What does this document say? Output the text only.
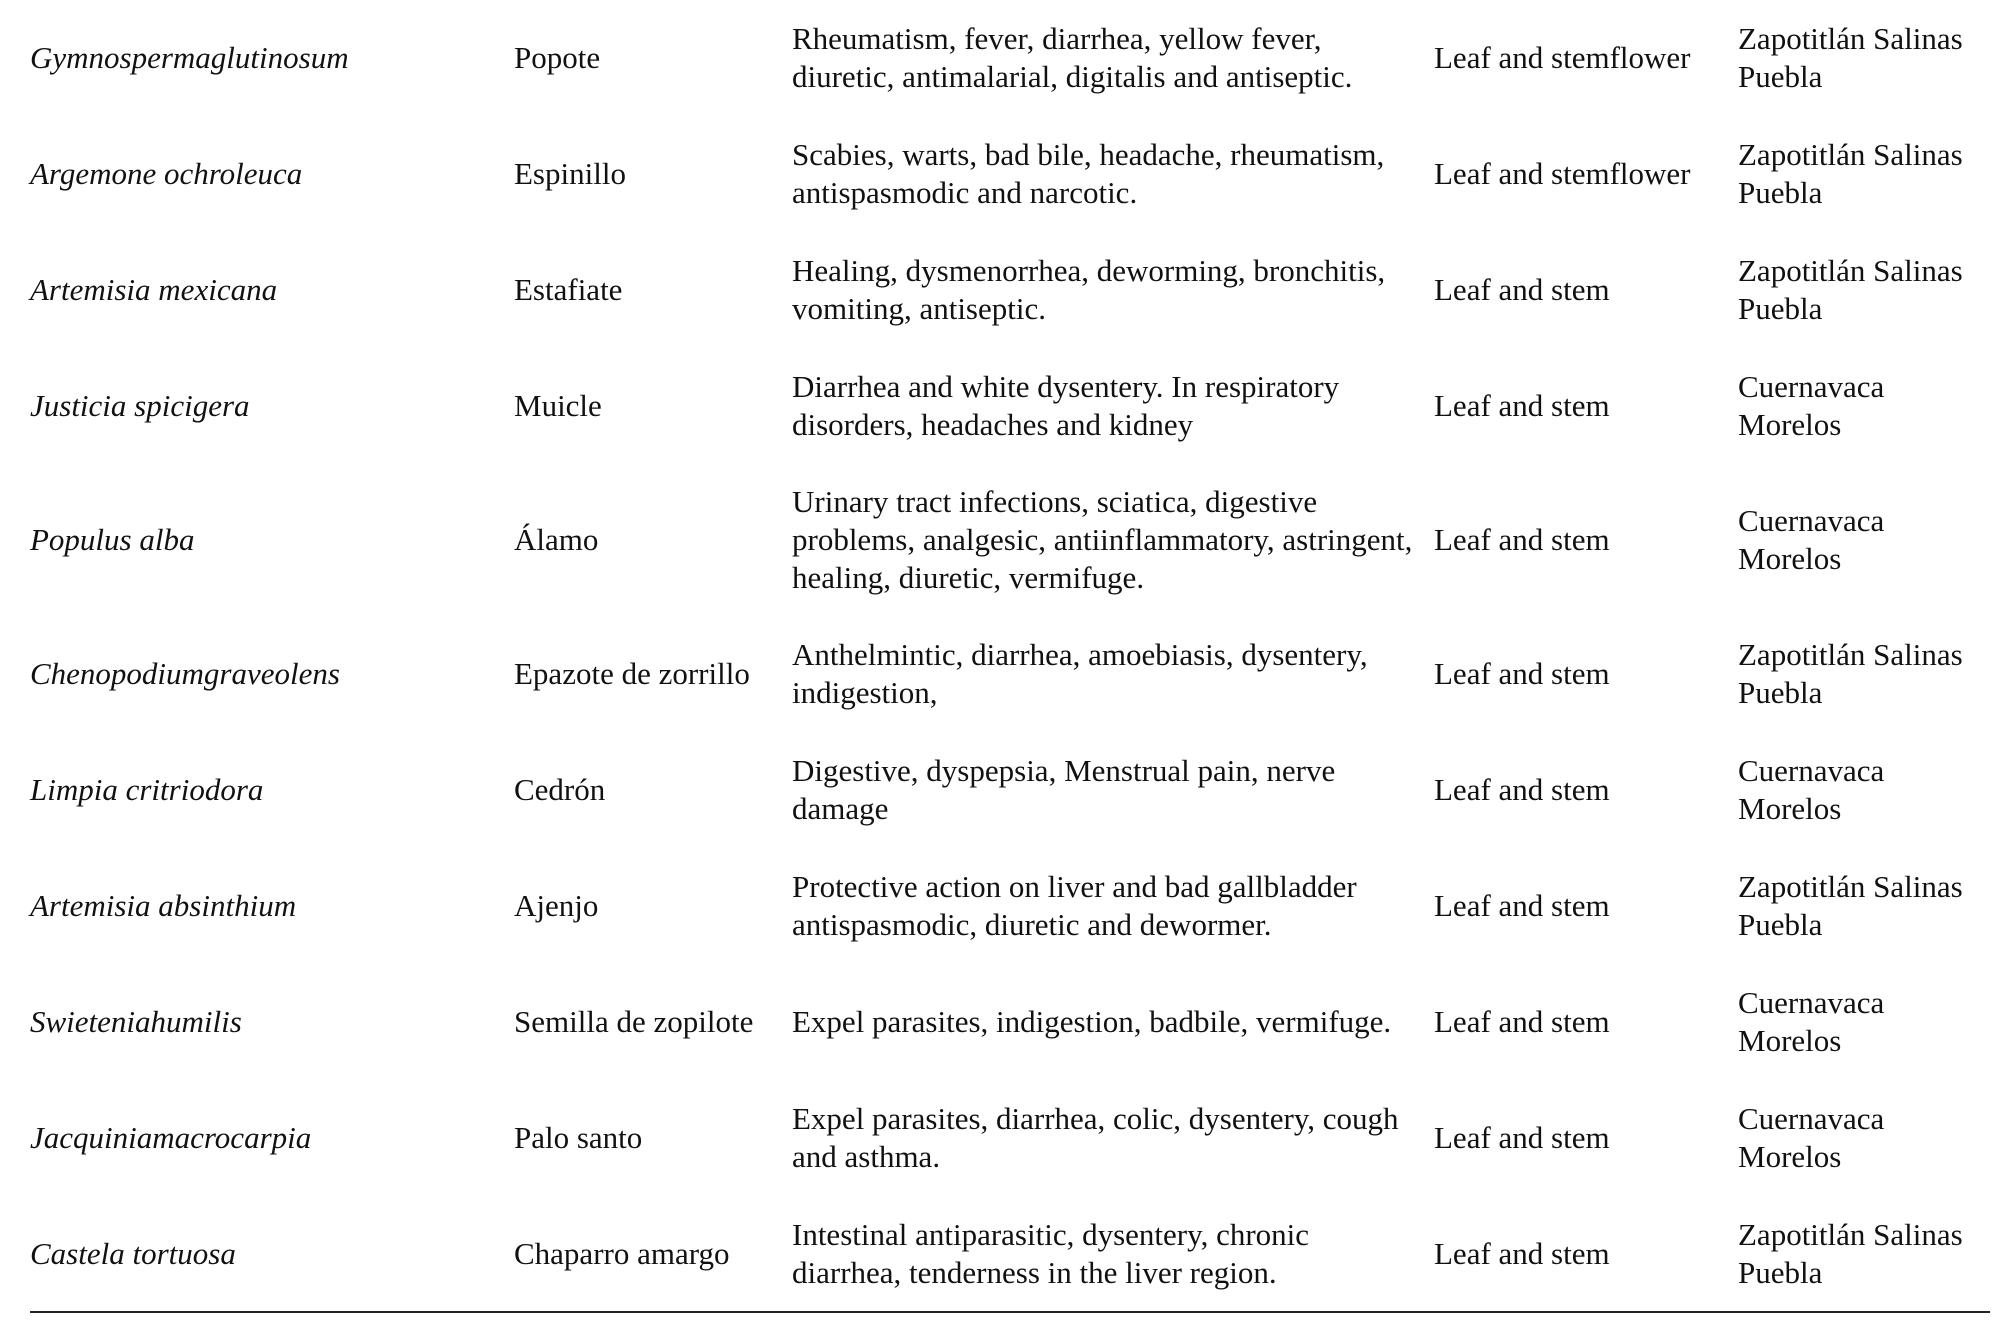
Gymnospermaglutinosum	Popote	Rheumatism, fever, diarrhea, yellow fever, diuretic, antimalarial, digitalis and antiseptic.	Leaf and stemflower	Zapotitlán Salinas Puebla
Argemone ochroleuca	Espinillo	Scabies, warts, bad bile, headache, rheumatism, antispasmodic and narcotic.	Leaf and stemflower	Zapotitlán Salinas Puebla
Artemisia mexicana	Estafiate	Healing, dysmenorrhea, deworming, bronchitis, vomiting, antiseptic.	Leaf and stem	Zapotitlán Salinas Puebla
Justicia spicigera	Muicle	Diarrhea and white dysentery. In respiratory disorders, headaches and kidney	Leaf and stem	Cuernavaca Morelos
Populus alba	Álamo	Urinary tract infections, sciatica, digestive problems, analgesic, antiinflammatory, astringent, healing, diuretic, vermifuge.	Leaf and stem	Cuernavaca Morelos
Chenopodiumgraveolens	Epazote de zorrillo	Anthelmintic, diarrhea, amoebiasis, dysentery, indigestion,	Leaf and stem	Zapotitlán Salinas Puebla
Limpia critriodora	Cedrón	Digestive, dyspepsia, Menstrual pain, nerve damage	Leaf and stem	Cuernavaca Morelos
Artemisia absinthium	Ajenjo	Protective action on liver and bad gallbladder antispasmodic, diuretic and dewormer.	Leaf and stem	Zapotitlán Salinas Puebla
Swieteniahumilis	Semilla de zopilote	Expel parasites, indigestion, badbile, vermifuge.	Leaf and stem	Cuernavaca Morelos
Jacquiniamacrocarpia	Palo santo	Expel parasites, diarrhea, colic, dysentery, cough and asthma.	Leaf and stem	Cuernavaca Morelos
Castela tortuosa	Chaparro amargo	Intestinal antiparasitic, dysentery, chronic diarrhea, tenderness in the liver region.	Leaf and stem	Zapotitlán Salinas Puebla
